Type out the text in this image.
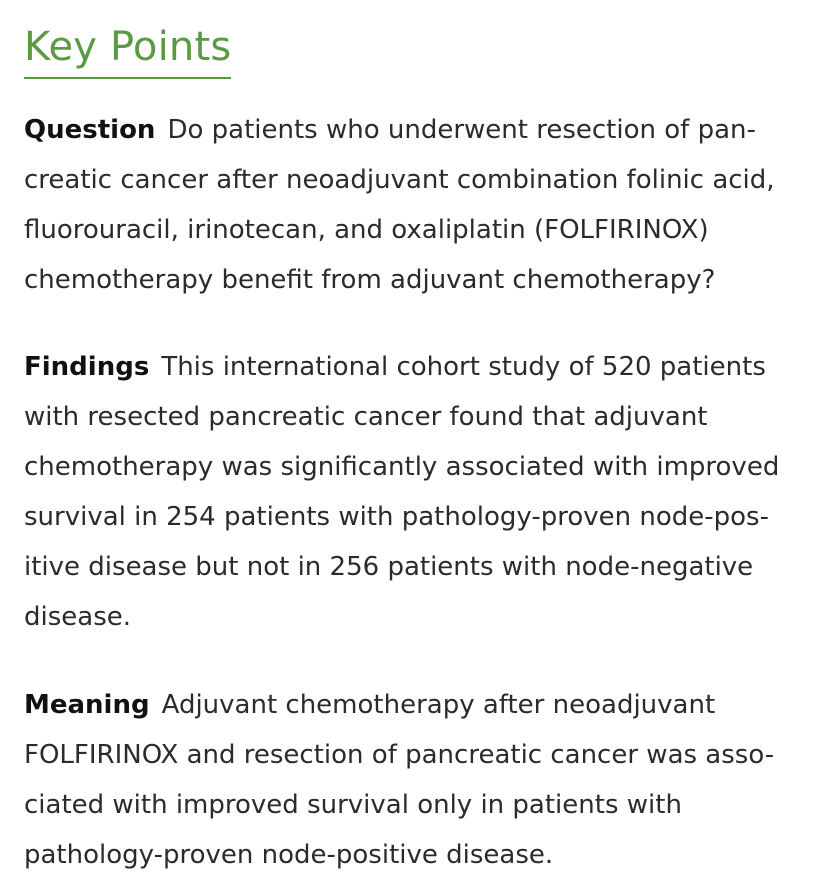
Key Points
Question Do patients who underwent resection of pan-
creatic cancer after neoadjuvant combination folinic acid,
fluorouracil, irinotecan, and oxaliplatin (FOLFIRINOX)
chemotherapy benefit from adjuvant chemotherapy?
Findings This international cohort study of 520 patients
with resected pancreatic cancer found that adjuvant
chemotherapy was significantly associated with improved
survival in 254 patients with pathology-proven node-pos-
itive disease but not in 256 patients with node-negative
disease.
Meaning Adjuvant chemotherapy after neoadjuvant
FOLFIRINOX and resection of pancreatic cancer was asso-
ciated with improved survival only in patients with
pathology-proven node-positive disease.
